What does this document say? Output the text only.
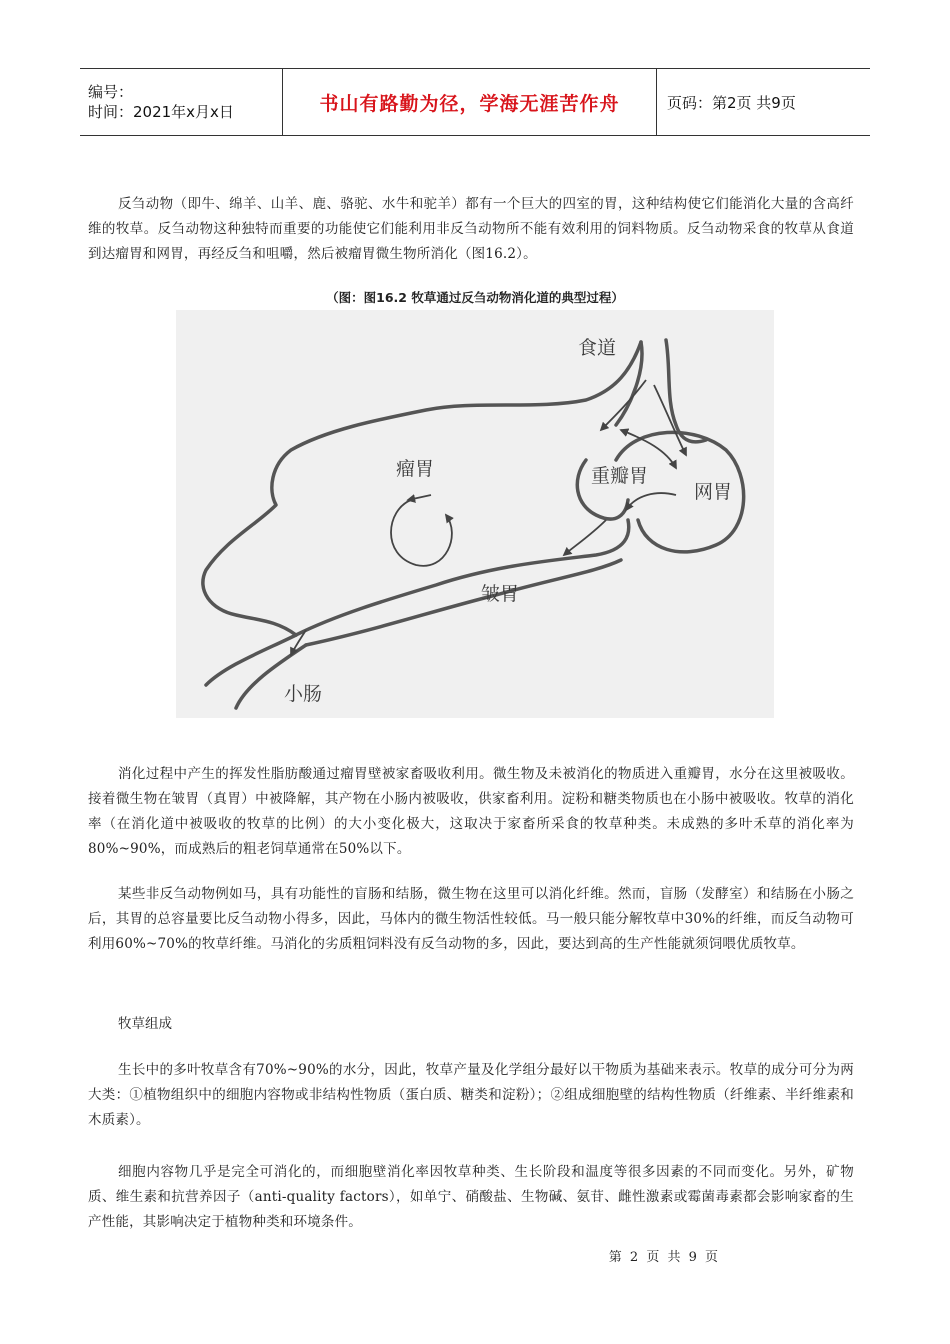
编号：
时间：2021年x月x日	书山有路勤为径，学海无涯苦作舟	页码：第2页 共9页

反刍动物（即牛、绵羊、山羊、鹿、骆驼、水牛和驼羊）都有一个巨大的四室的胃，这种结构使它们能消化大量的含高纤维的牧草。反刍动物这种独特而重要的功能使它们能利用非反刍动物所不能有效利用的饲料物质。反刍动物采食的牧草从食道到达瘤胃和网胃，再经反刍和咀嚼，然后被瘤胃微生物所消化（图16.2）。

（图：图16.2 牧草通过反刍动物消化道的典型过程）
食道
瘤胃	重瓣胃
网胃
皱胃
小肠

消化过程中产生的挥发性脂肪酸通过瘤胃壁被家畜吸收利用。微生物及未被消化的物质进入重瓣胃，水分在这里被吸收。接着微生物在皱胃（真胃）中被降解，其产物在小肠内被吸收，供家畜利用。淀粉和糖类物质也在小肠中被吸收。牧草的消化率（在消化道中被吸收的牧草的比例）的大小变化极大，这取决于家畜所采食的牧草种类。未成熟的多叶禾草的消化率为80%~90%，而成熟后的粗老饲草通常在50%以下。

某些非反刍动物例如马，具有功能性的盲肠和结肠，微生物在这里可以消化纤维。然而，盲肠（发酵室）和结肠在小肠之后，其胃的总容量要比反刍动物小得多，因此，马体内的微生物活性较低。马一般只能分解牧草中30%的纤维，而反刍动物可利用60%~70%的牧草纤维。马消化的劣质粗饲料没有反刍动物的多，因此，要达到高的生产性能就须饲喂优质牧草。

牧草组成

生长中的多叶牧草含有70%~90%的水分，因此，牧草产量及化学组分最好以干物质为基础来表示。牧草的成分可分为两大类：①植物组织中的细胞内容物或非结构性物质（蛋白质、糖类和淀粉）；②组成细胞壁的结构性物质（纤维素、半纤维素和木质素）。

细胞内容物几乎是完全可消化的，而细胞壁消化率因牧草种类、生长阶段和温度等很多因素的不同而变化。另外，矿物质、维生素和抗营养因子（anti-quality factors），如单宁、硝酸盐、生物碱、氨苷、雌性激素或霉菌毒素都会影响家畜的生产性能，其影响决定于植物种类和环境条件。

第 2 页 共 9 页
